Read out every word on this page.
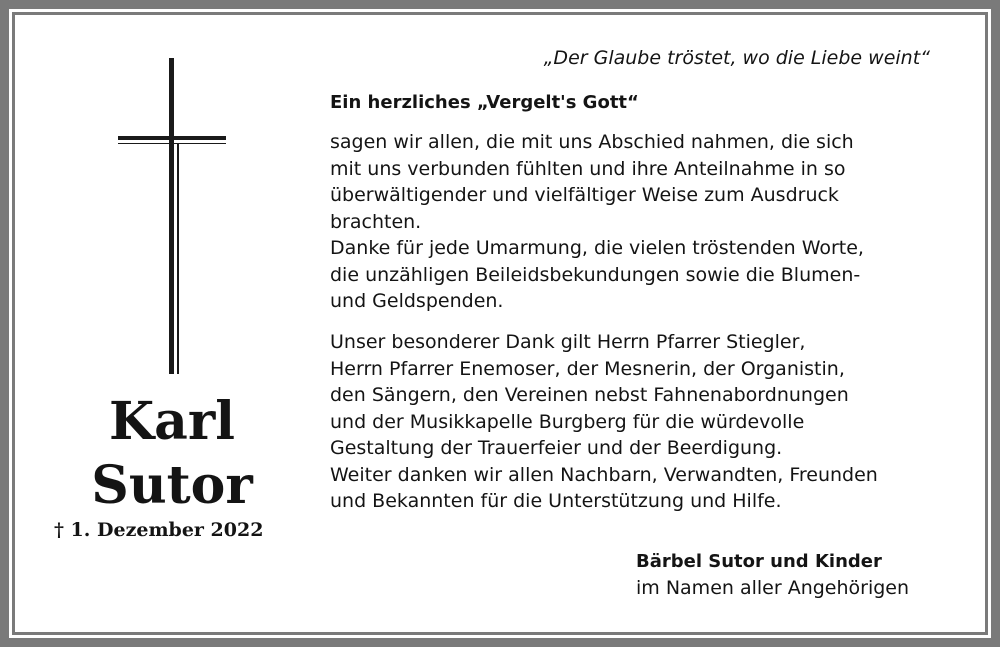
Karl
Sutor
† 1. Dezember 2022
„Der Glaube tröstet, wo die Liebe weint“
Ein herzliches „Vergelt's Gott“
sagen wir allen, die mit uns Abschied nahmen, die sich
mit uns verbunden fühlten und ihre Anteilnahme in so
überwältigender und vielfältiger Weise zum Ausdruck
brachten.
Danke für jede Umarmung, die vielen tröstenden Worte,
die unzähligen Beileidsbekundungen sowie die Blumen-
und Geldspenden.
Unser besonderer Dank gilt Herrn Pfarrer Stiegler,
Herrn Pfarrer Enemoser, der Mesnerin, der Organistin,
den Sängern, den Vereinen nebst Fahnenabordnungen
und der Musikkapelle Burgberg für die würdevolle
Gestaltung der Trauerfeier und der Beerdigung.
Weiter danken wir allen Nachbarn, Verwandten, Freunden
und Bekannten für die Unterstützung und Hilfe.
Bärbel Sutor und Kinder
im Namen aller Angehörigen
